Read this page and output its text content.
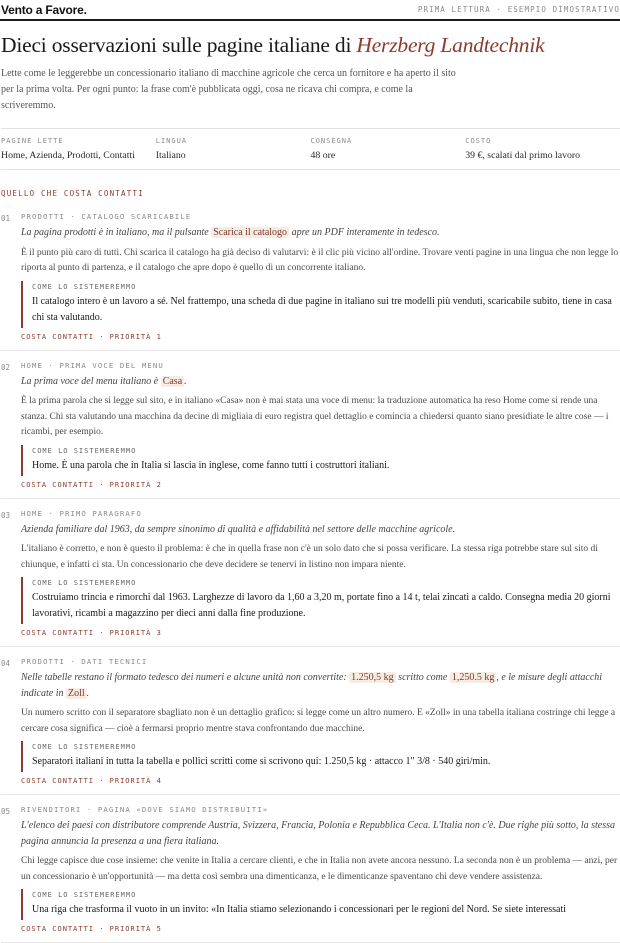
Vento a Favore.	PRIMA LETTURA · ESEMPIO DIMOSTRATIVO
Dieci osservazioni sulle pagine italiane di Herzberg Landtechnik

Lette come le leggerebbe un concessionario italiano di macchine agricole che cerca un fornitore e ha aperto il sito per la prima volta. Per ogni punto: la frase com'è pubblicata oggi, cosa ne ricava chi compra, e come la scriveremmo.

PAGINE LETTE
Home, Azienda, Prodotti, Contatti
LINGUA
Italiano
CONSEGNA
48 ore
COSTO
39 €, scalati dal primo lavoro
QUELLO CHE COSTA CONTATTI
01	PRODOTTI · CATALOGO SCARICABILE
La pagina prodotti è in italiano, ma il pulsante Scarica il catalogo apre un PDF interamente in tedesco.
È il punto più caro di tutti. Chi scarica il catalogo ha già deciso di valutarvi: è il clic più vicino all'ordine. Trovare venti pagine in una lingua che non legge lo riporta al punto di partenza, e il catalogo che apre dopo è quello di un concorrente italiano.
COME LO SISTEMEREMMO
Il catalogo intero è un lavoro a sé. Nel frattempo, una scheda di due pagine in italiano sui tre modelli più venduti, scaricabile subito, tiene in casa chi sta valutando.
COSTA CONTATTI · PRIORITÀ 1
02	HOME · PRIMA VOCE DEL MENU
La prima voce del menu italiano è Casa .
È la prima parola che si legge sul sito, e in italiano «Casa» non è mai stata una voce di menu: la traduzione automatica ha reso Home come si rende una stanza. Chi sta valutando una macchina da decine di migliaia di euro registra quel dettaglio e comincia a chiedersi quanto siano presidiate le altre cose — i ricambi, per esempio.
COME LO SISTEMEREMMO
Home. È una parola che in Italia si lascia in inglese, come fanno tutti i costruttori italiani.
COSTA CONTATTI · PRIORITÀ 2
03	HOME · PRIMO PARAGRAFO
Azienda familiare dal 1963, da sempre sinonimo di qualità e affidabilità nel settore delle macchine agricole.
L'italiano è corretto, e non è questo il problema: è che in quella frase non c'è un solo dato che si possa verificare. La stessa riga potrebbe stare sul sito di chiunque, e infatti ci sta. Un concessionario che deve decidere se tenervi in listino non impara niente.
COME LO SISTEMEREMMO
Costruiamo trincia e rimorchi dal 1963. Larghezze di lavoro da 1,60 a 3,20 m, portate fino a 14 t, telai zincati a caldo. Consegna media 20 giorni lavorativi, ricambi a magazzino per dieci anni dalla fine produzione.
COSTA CONTATTI · PRIORITÀ 3
04	PRODOTTI · DATI TECNICI
Nelle tabelle restano il formato tedesco dei numeri e alcune unità non convertite: 1.250,5 kg scritto come 1,250.5 kg , e le misure degli attacchi indicate in Zoll .
Un numero scritto con il separatore sbagliato non è un dettaglio grafico: si legge come un altro numero. E «Zoll» in una tabella italiana costringe chi legge a cercare cosa significa — cioè a fermarsi proprio mentre stava confrontando due macchine.
COME LO SISTEMEREMMO
Separatori italiani in tutta la tabella e pollici scritti come si scrivono qui: 1.250,5 kg · attacco 1" 3/8 · 540 giri/min.
COSTA CONTATTI · PRIORITÀ 4
05	RIVENDITORI · PAGINA «DOVE SIAMO DISTRIBUITI»
L'elenco dei paesi con distributore comprende Austria, Svizzera, Francia, Polonia e Repubblica Ceca. L'Italia non c'è. Due righe più sotto, la stessa pagina annuncia la presenza a una fiera italiana.
Chi legge capisce due cose insieme: che venite in Italia a cercare clienti, e che in Italia non avete ancora nessuno. La seconda non è un problema — anzi, per un concessionario è un'opportunità — ma detta così sembra una dimenticanza, e le dimenticanze spaventano chi deve vendere assistenza.
COME LO SISTEMEREMMO
Una riga che trasforma il vuoto in un invito: «In Italia stiamo selezionando i concessionari per le regioni del Nord. Se siete interessati
COSTA CONTATTI · PRIORITÀ 5
